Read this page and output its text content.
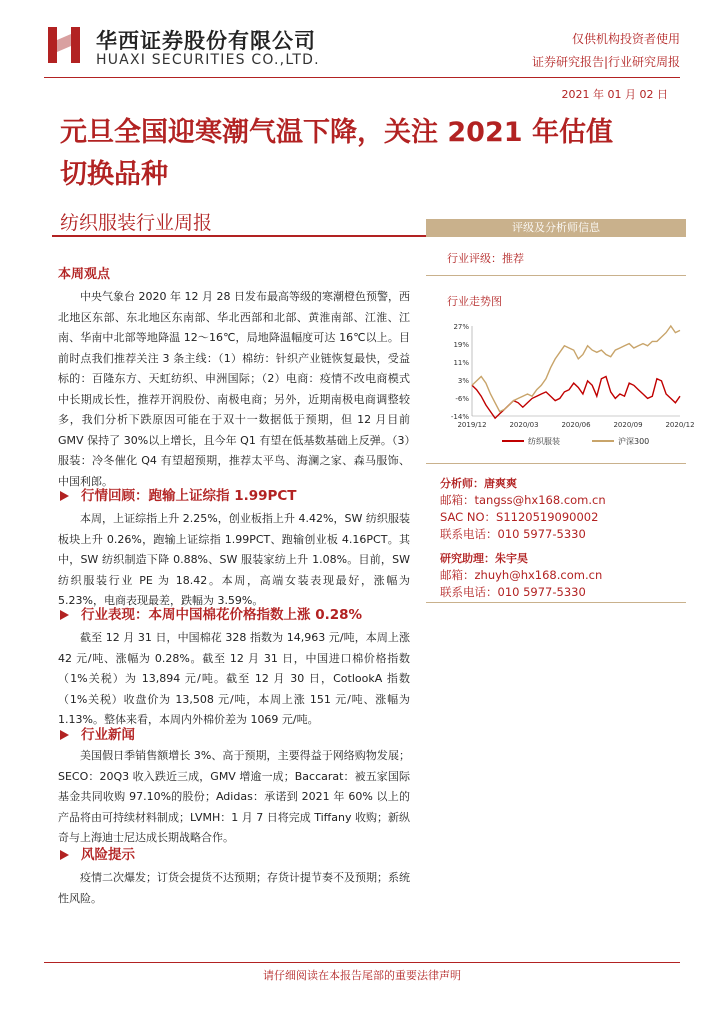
华西证券股份有限公司
HUAXI SECURITIES CO.,LTD.
仅供机构投资者使用
证券研究报告|行业研究周报
2021 年 01 月 02 日
元旦全国迎寒潮气温下降，关注 2021 年估值
切换品种
纺织服装行业周报
本周观点
中央气象台 2020 年 12 月 28 日发布最高等级的寒潮橙色预警，西北地区东部、东北地区东南部、华北西部和北部、黄淮南部、江淮、江南、华南中北部等地降温 12～16℃，局地降温幅度可达 16℃以上。目前时点我们推荐关注 3 条主线：（1）棉纺：针织产业链恢复最快，受益标的：百隆东方、天虹纺织、申洲国际；（2）电商：疫情不改电商模式中长期成长性，推荐开润股份、南极电商；另外，近期南极电商调整较多，我们分析下跌原因可能在于双十一数据低于预期，但 12 月目前 GMV 保持了 30%以上增长，且今年 Q1 有望在低基数基础上反弹。（3）服装：冷冬催化 Q4 有望超预期，推荐太平鸟、海澜之家、森马服饰、中国利郎。
行情回顾：跑输上证综指 1.99PCT
本周，上证综指上升 2.25%，创业板指上升 4.42%，SW 纺织服装板块上升 0.26%，跑输上证综指 1.99PCT、跑输创业板 4.16PCT。其中，SW 纺织制造下降 0.88%、SW 服装家纺上升 1.08%。目前，SW 纺织服装行业 PE 为 18.42。本周，高端女装表现最好，涨幅为 5.23%，电商表现最差，跌幅为 3.59%。
行业表现：本周中国棉花价格指数上涨 0.28%
截至 12 月 31 日，中国棉花 328 指数为 14,963 元/吨，本周上涨 42 元/吨、涨幅为 0.28%。截至 12 月 31 日，中国进口棉价格指数（1%关税）为 13,894 元/吨。截至 12 月 30 日，CotlookA 指数（1%关税）收盘价为 13,508 元/吨，本周上涨 151 元/吨、涨幅为 1.13%。整体来看，本周内外棉价差为 1069 元/吨。
行业新闻
美国假日季销售额增长 3%、高于预期，主要得益于网络购物发展；SECO：20Q3 收入跌近三成，GMV 增逾一成；Baccarat：被五家国际基金共同收购 97.10%的股份；Adidas：承诺到 2021 年 60% 以上的产品将由可持续材料制成；LVMH：1 月 7 日将完成 Tiffany 收购；新纵奇与上海迪士尼达成长期战略合作。
风险提示
疫情二次爆发；订货会提货不达预期；存货计提节奏不及预期；系统性风险。
评级及分析师信息
行业评级：推荐
行业走势图
27%
19%
11%
3%
-6%
-14%
2019/12	2020/03	2020/06	2020/09	2020/12
纺织服装	沪深300
分析师：唐爽爽
邮箱：tangss@hx168.com.cn
SAC NO：S1120519090002
联系电话：010 5977-5330
研究助理：朱宇昊
邮箱：zhuyh@hx168.com.cn
联系电话：010 5977-5330
请仔细阅读在本报告尾部的重要法律声明
